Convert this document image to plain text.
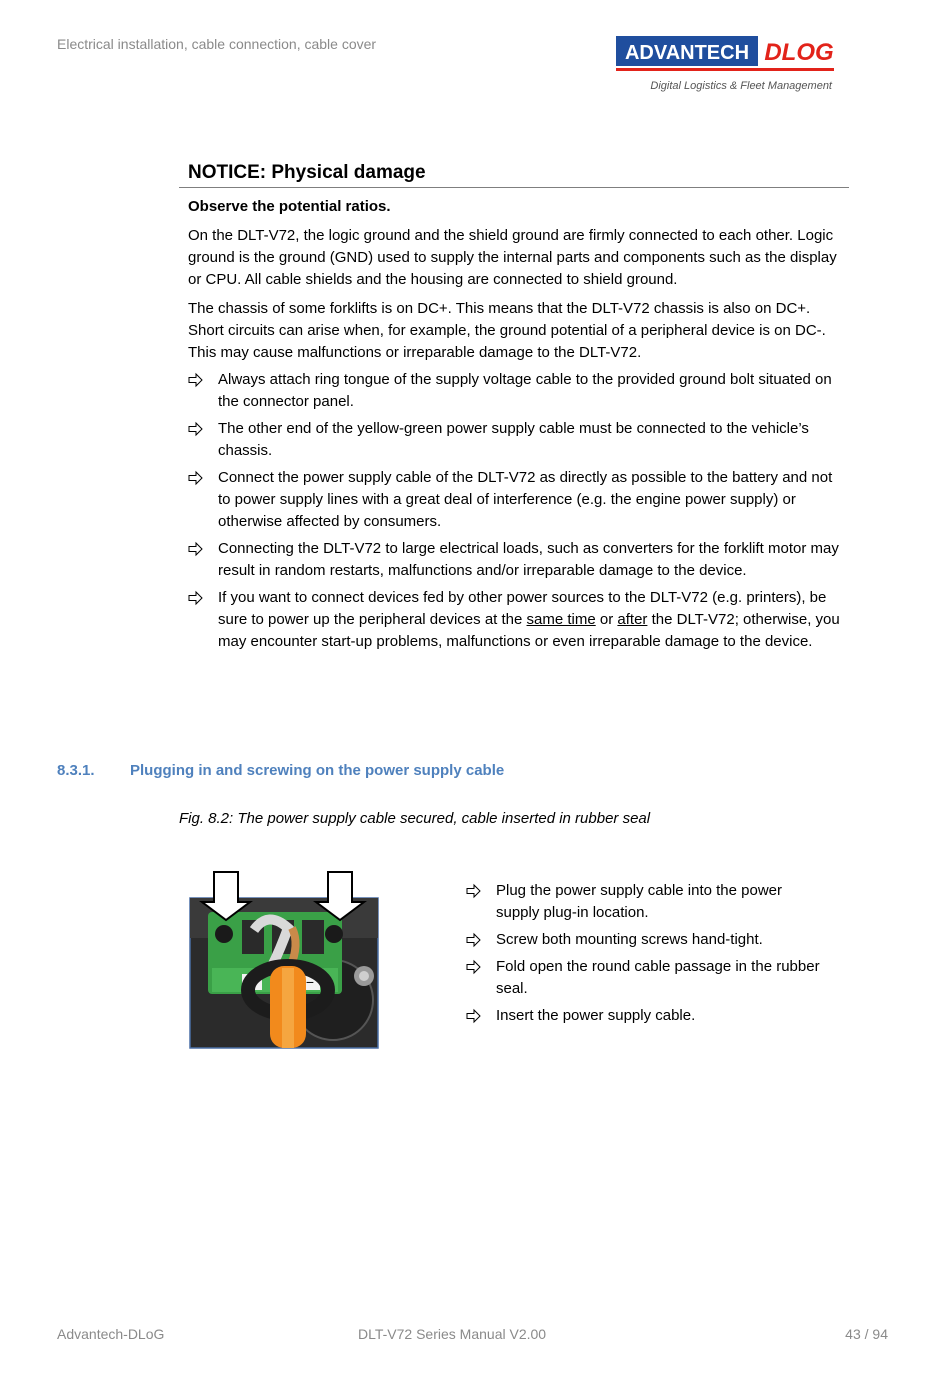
Electrical installation, cable connection, cable cover	ADVANTECH DLOG
Digital Logistics & Fleet Management
NOTICE: Physical damage
Observe the potential ratios.
On the DLT-V72, the logic ground and the shield ground are firmly connected to each other. Logic ground is the ground (GND) used to supply the internal parts and components such as the display or CPU. All cable shields and the housing are connected to shield ground.
The chassis of some forklifts is on DC+. This means that the DLT-V72 chassis is also on DC+. Short circuits can arise when, for example, the ground potential of a peripheral device is on DC-. This may cause malfunctions or irreparable damage to the DLT-V72.
Always attach ring tongue of the supply voltage cable to the provided ground bolt situated on the connector panel.
The other end of the yellow-green power supply cable must be connected to the vehicle’s chassis.
Connect the power supply cable of the DLT-V72 as directly as possible to the battery and not to power supply lines with a great deal of interference (e.g. the engine power supply) or otherwise affected by consumers.
Connecting the DLT-V72 to large electrical loads, such as converters for the forklift motor may result in random restarts, malfunctions and/or irreparable damage to the device.
If you want to connect devices fed by other power sources to the DLT-V72 (e.g. printers), be sure to power up the peripheral devices at the same time or after the DLT-V72; otherwise, you may encounter start-up problems, malfunctions or even irreparable damage to the device.
8.3.1. Plugging in and screwing on the power supply cable
Fig. 8.2: The power supply cable secured, cable inserted in rubber seal
−
Plug the power supply cable into the power supply plug-in location.
Screw both mounting screws hand-tight.
Fold open the round cable passage in the rubber seal.
Insert the power supply cable.
Advantech-DLoG	DLT-V72 Series Manual V2.00	43 / 94
